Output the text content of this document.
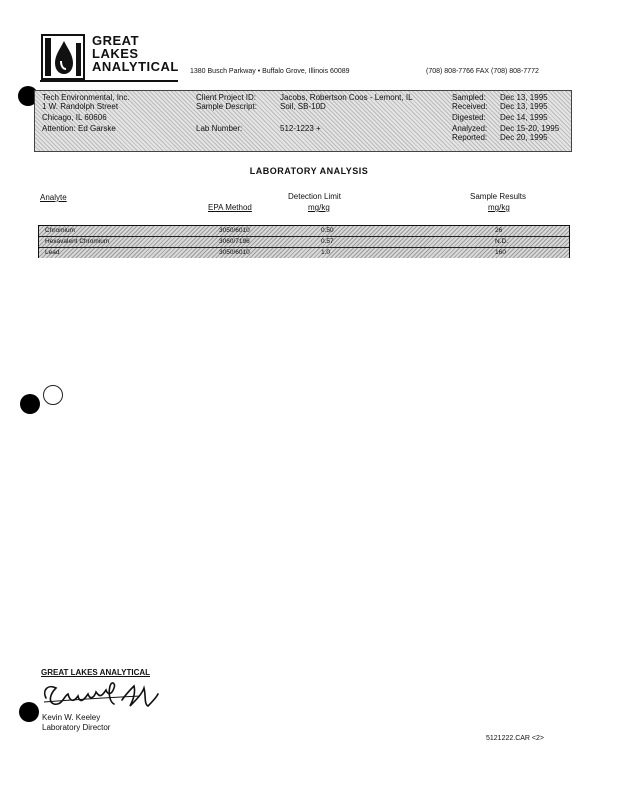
GREAT
LAKES
ANALYTICAL 1380 Busch Parkway • Buffalo Grove, Illinois 60089	(708) 808-7766 FAX (708) 808-7772
Tech Environmental, Inc.
1 W. Randolph Street
Chicago, IL 60606
Attention: Ed Garske
Client Project ID:	Jacobs, Robertson Coos - Lemont, IL
Sample Descript:	Soil, SB-10D
Lab Number:	512-1223 +
Sampled: Dec 13, 1995
Received: Dec 13, 1995
Digested: Dec 14, 1995
Analyzed: Dec 15-20, 1995
Reported: Dec 20, 1995
LABORATORY ANALYSIS
Analyte
EPA Method
Detection Limit
mg/kg
Sample Results
mg/kg
Chromium	3050/6010	0.50	26
Hexavalent Chromium	3060/7196	0.57	N.D.
Lead	3050/6010	1.0	160
GREAT LAKES ANALYTICAL
Kevin W. Keeley
Laboratory Director
5121222.CAR <2>
